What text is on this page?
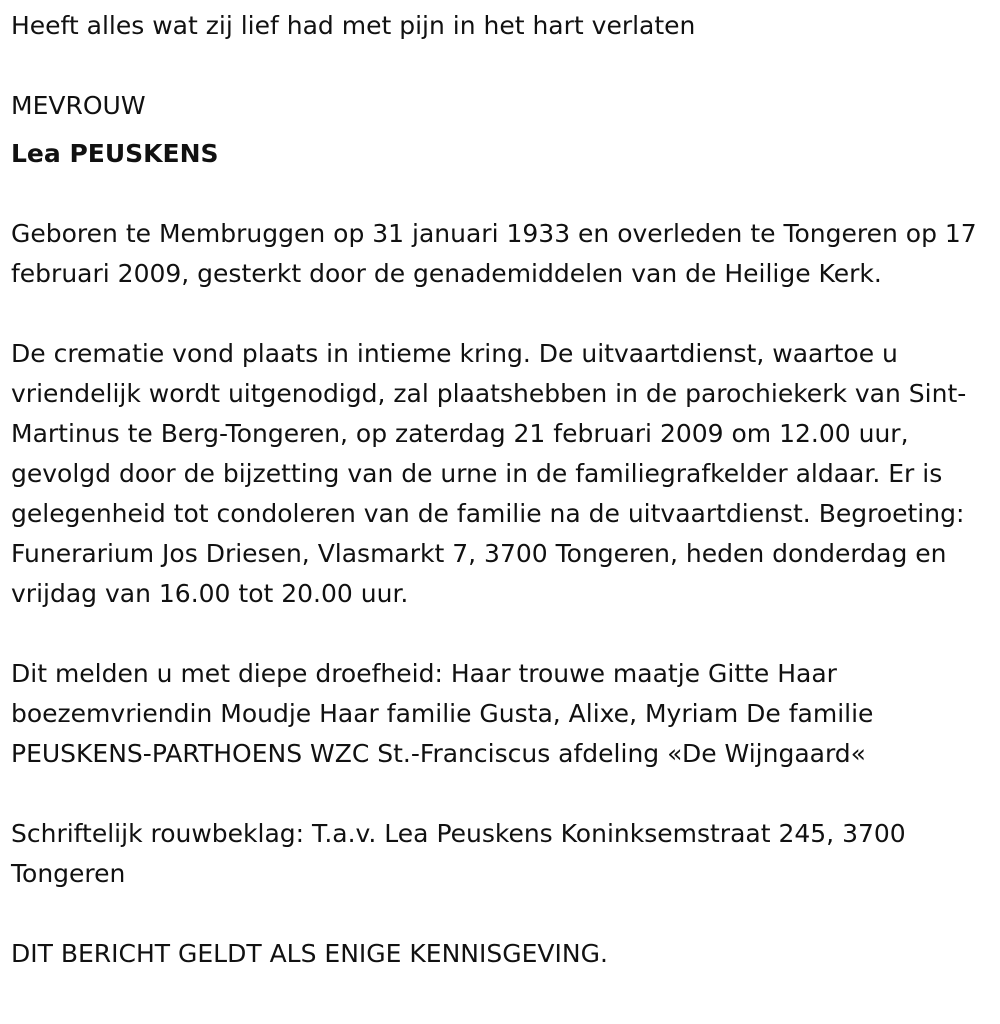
Heeft alles wat zij lief had met pijn in het hart verlaten

MEVROUW

Lea PEUSKENS

Geboren te Membruggen op 31 januari 1933 en overleden te Tongeren op 17 februari 2009, gesterkt door de genademiddelen van de Heilige Kerk.

De crematie vond plaats in intieme kring. De uitvaartdienst, waartoe u vriendelijk wordt uitgenodigd, zal plaatshebben in de parochiekerk van Sint-Martinus te Berg-Tongeren, op zaterdag 21 februari 2009 om 12.00 uur, gevolgd door de bijzetting van de urne in de familiegrafkelder aldaar. Er is gelegenheid tot condoleren van de familie na de uitvaartdienst. Begroeting: Funerarium Jos Driesen, Vlasmarkt 7, 3700 Tongeren, heden donderdag en vrijdag van 16.00 tot 20.00 uur.

Dit melden u met diepe droefheid: Haar trouwe maatje Gitte Haar boezemvriendin Moudje Haar familie Gusta, Alixe, Myriam De familie PEUSKENS-PARTHOENS WZC St.-Franciscus afdeling «De Wijngaard«

Schriftelijk rouwbeklag: T.a.v. Lea Peuskens Koninksemstraat 245, 3700 Tongeren

DIT BERICHT GELDT ALS ENIGE KENNISGEVING.
